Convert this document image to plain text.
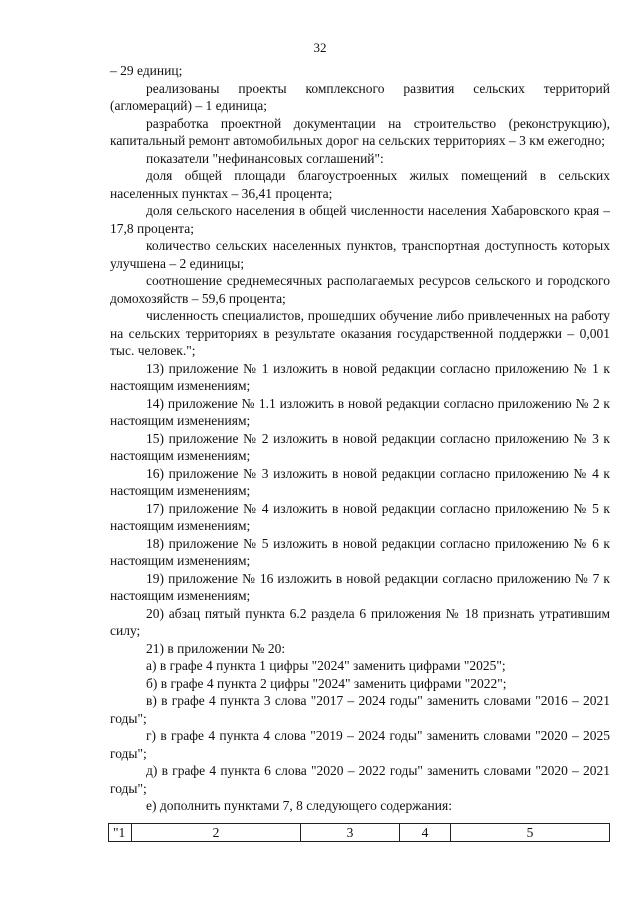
32
– 29 единиц;
реализованы проекты комплексного развития сельских территорий (агломераций) – 1 единица;
разработка проектной документации на строительство (реконструкцию), капитальный ремонт автомобильных дорог на сельских территориях – 3 км ежегодно;
показатели "нефинансовых соглашений":
доля общей площади благоустроенных жилых помещений в сельских населенных пунктах – 36,41 процента;
доля сельского населения в общей численности населения Хабаровского края – 17,8 процента;
количество сельских населенных пунктов, транспортная доступность которых улучшена – 2 единицы;
соотношение среднемесячных располагаемых ресурсов сельского и городского домохозяйств – 59,6 процента;
численность специалистов, прошедших обучение либо привлеченных на работу на сельских территориях в результате оказания государственной поддержки – 0,001 тыс. человек.";
13) приложение № 1 изложить в новой редакции согласно приложению № 1 к настоящим изменениям;
14) приложение № 1.1 изложить в новой редакции согласно приложению № 2 к настоящим изменениям;
15) приложение № 2 изложить в новой редакции согласно приложению № 3 к настоящим изменениям;
16) приложение № 3 изложить в новой редакции согласно приложению № 4 к настоящим изменениям;
17) приложение № 4 изложить в новой редакции согласно приложению № 5 к настоящим изменениям;
18) приложение № 5 изложить в новой редакции согласно приложению № 6 к настоящим изменениям;
19) приложение № 16 изложить в новой редакции согласно приложению № 7 к настоящим изменениям;
20) абзац пятый пункта 6.2 раздела 6 приложения № 18 признать утратившим силу;
21) в приложении № 20:
а) в графе 4 пункта 1 цифры "2024" заменить цифрами "2025";
б) в графе 4 пункта 2 цифры "2024" заменить цифрами "2022";
в) в графе 4 пункта 3 слова "2017 – 2024 годы" заменить словами "2016 – 2021 годы";
г) в графе 4 пункта 4 слова "2019 – 2024 годы" заменить словами "2020 – 2025 годы";
д) в графе 4 пункта 6 слова "2020 – 2022 годы" заменить словами "2020 – 2021 годы";
е) дополнить пунктами 7, 8 следующего содержания:
"1	2	3	4	5
